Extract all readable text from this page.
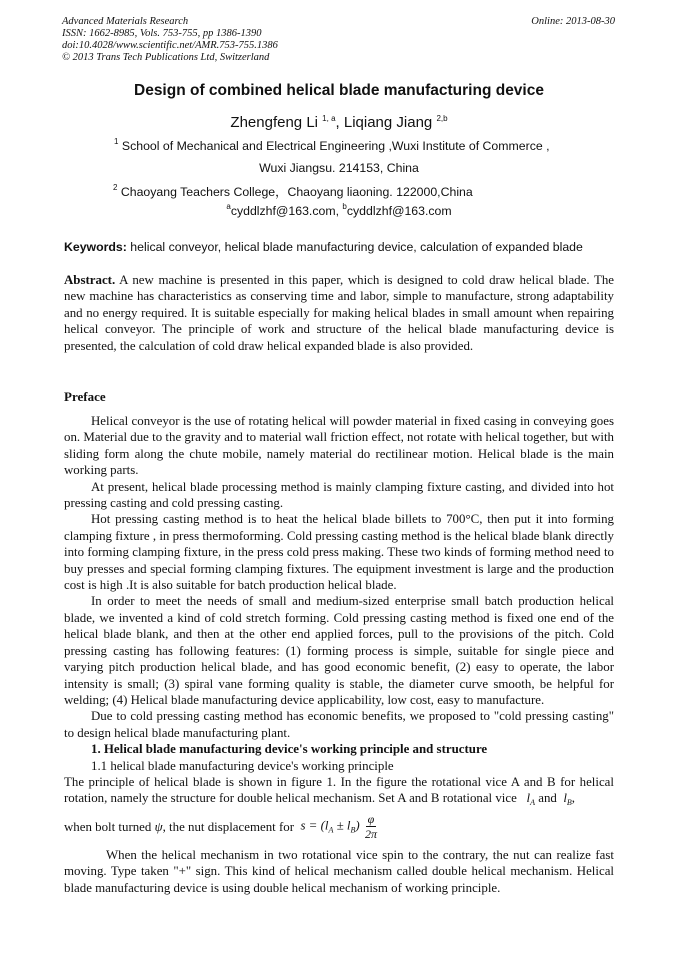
Advanced Materials Research
ISSN: 1662-8985, Vols. 753-755, pp 1386-1390
doi:10.4028/www.scientific.net/AMR.753-755.1386
© 2013 Trans Tech Publications Ltd, Switzerland
Online: 2013-08-30
Design of combined helical blade manufacturing device
Zhengfeng Li $^{1, a}$, Liqiang Jiang $^{2,b}$
$^1$ School of Mechanical and Electrical Engineering ,Wuxi Institute of Commerce ,
Wuxi Jiangsu. 214153, China
$^2$ Chaoyang Teachers College，Chaoyang liaoning. 122000,China
$^a$cyddlzhf@163.com, $^b$cyddlzhf@163.com
Keywords: helical conveyor, helical blade manufacturing device, calculation of expanded blade

Abstract. A new machine is presented in this paper, which is designed to cold draw helical blade. The new machine has characteristics as conserving time and labor, simple to manufacture, strong adaptability and no energy required. It is suitable especially for making helical blades in small amount when repairing helical conveyor. The principle of work and structure of the helical blade manufacturing device is presented, the calculation of cold draw helical expanded blade is also provided.

Preface

Helical conveyor is the use of rotating helical will powder material in fixed casing in conveying goes on. Material due to the gravity and to material wall friction effect, not rotate with helical together, but with sliding form along the chute mobile, namely material do rectilinear motion. Helical blade is the main working parts.

At present, helical blade processing method is mainly clamping fixture casting, and divided into hot pressing casting and cold pressing casting.

Hot pressing casting method is to heat the helical blade billets to 700°C, then put it into forming clamping fixture , in press thermoforming. Cold pressing casting method is the helical blade blank directly into forming clamping fixture, in the press cold press making. These two kinds of forming method need to buy presses and special forming clamping fixtures. The equipment investment is large and the production cost is high .It is also suitable for batch production helical blade.

In order to meet the needs of small and medium-sized enterprise small batch production helical blade, we invented a kind of cold stretch forming. Cold pressing casting method is fixed one end of the helical blade blank, and then at the other end applied forces, pull to the provisions of the pitch. Cold pressing casting has following features: (1) forming process is simple, suitable for single piece and varying pitch production helical blade, and has good economic benefit, (2) easy to operate, the labor intensity is small; (3) spiral vane forming quality is stable, the diameter curve smooth, be helpful for welding; (4) Helical blade manufacturing device applicability, low cost, easy to manufacture.

Due to cold pressing casting method has economic benefits, we proposed to "cold pressing casting" to design helical blade manufacturing plant.

1. Helical blade manufacturing device's working principle and structure

1.1 helical blade manufacturing device's working principle

The principle of helical blade is shown in figure 1. In the figure the rotational vice A and B for helical rotation, namely the structure for double helical mechanism. Set A and B rotational vice $l_A$ and $l_B$,

when bolt turned
ψ , the nut displacement for
$s = (l_A \pm l_B) \frac{\varphi}{2\pi}$

When the helical mechanism in two rotational vice spin to the contrary, the nut can realize fast moving. Type taken "+" sign. This kind of helical mechanism called double helical mechanism. Helical blade manufacturing device is using double helical mechanism of working principle.
